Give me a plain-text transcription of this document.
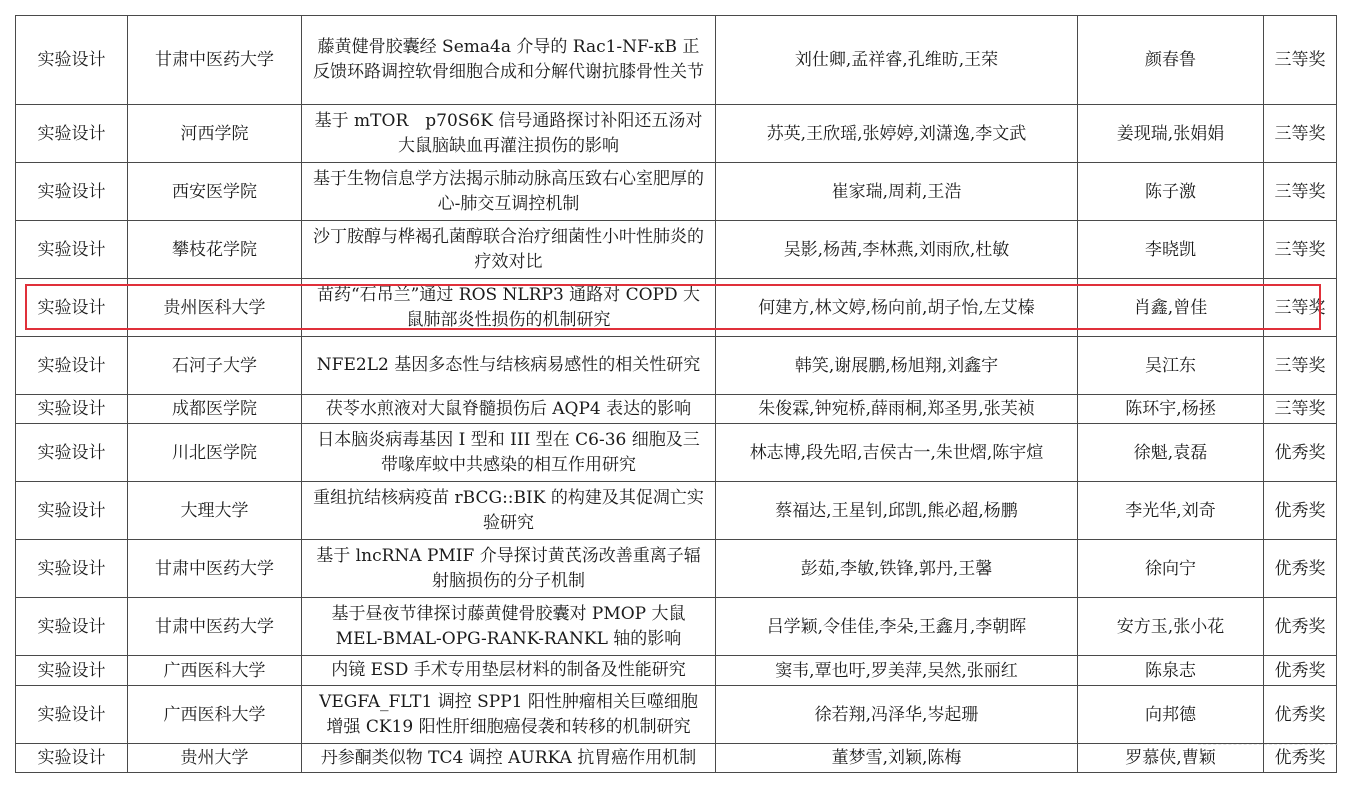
实验设计	甘肃中医药大学	藤黄健骨胶囊经 Sema4a 介导的 Rac1-NF-κB 正反馈环路调控软骨细胞合成和分解代谢抗膝骨性关节	刘仕卿,孟祥睿,孔维昉,王荣	颜春鲁	三等奖
实验设计	河西学院	基于 mTOR　p70S6K 信号通路探讨补阳还五汤对大鼠脑缺血再灌注损伤的影响	苏英,王欣瑶,张婷婷,刘潇逸,李文武	姜现瑞,张娟娟	三等奖
实验设计	西安医学院	基于生物信息学方法揭示肺动脉高压致右心室肥厚的心-肺交互调控机制	崔家瑞,周莉,王浩	陈子激	三等奖
实验设计	攀枝花学院	沙丁胺醇与桦褐孔菌醇联合治疗细菌性小叶性肺炎的疗效对比	吴影,杨茜,李林燕,刘雨欣,杜敏	李晓凯	三等奖
实验设计	贵州医科大学	苗药“石吊兰”通过 ROS NLRP3 通路对 COPD 大鼠肺部炎性损伤的机制研究	何建方,林文婷,杨向前,胡子怡,左艾榛	肖鑫,曾佳	三等奖
实验设计	石河子大学	NFE2L2 基因多态性与结核病易感性的相关性研究	韩笑,谢展鹏,杨旭翔,刘鑫宇	吴江东	三等奖
实验设计	成都医学院	茯苓水煎液对大鼠脊髓损伤后 AQP4 表达的影响	朱俊霖,钟宛桥,薛雨桐,郑圣男,张芙祯	陈环宇,杨拯	三等奖
实验设计	川北医学院	日本脑炎病毒基因 I 型和 III 型在 C6-36 细胞及三带喙库蚊中共感染的相互作用研究	林志博,段先昭,吉侯古一,朱世熠,陈宇煊	徐魁,袁磊	优秀奖
实验设计	大理大学	重组抗结核病疫苗 rBCG::BIK 的构建及其促凋亡实验研究	蔡福达,王星钊,邱凯,熊必超,杨鹏	李光华,刘奇	优秀奖
实验设计	甘肃中医药大学	基于 lncRNA PMIF 介导探讨黄芪汤改善重离子辐射脑损伤的分子机制	彭茹,李敏,铁锋,郭丹,王馨	徐向宁	优秀奖
实验设计	甘肃中医药大学	基于昼夜节律探讨藤黄健骨胶囊对 PMOP 大鼠 MEL-BMAL-OPG-RANK-RANKL 轴的影响	吕学颖,令佳佳,李朵,王鑫月,李朝晖	安方玉,张小花	优秀奖
实验设计	广西医科大学	内镜 ESD 手术专用垫层材料的制备及性能研究	窦韦,覃也吁,罗美萍,吴然,张丽红	陈泉志	优秀奖
实验设计	广西医科大学	VEGFA_FLT1 调控 SPP1 阳性肿瘤相关巨噬细胞增强 CK19 阳性肝细胞癌侵袭和转移的机制研究	徐若翔,冯泽华,岑起珊	向邦德	优秀奖
实验设计	贵州大学	丹参酮类似物 TC4 调控 AURKA 抗胃癌作用机制	董梦雪,刘颖,陈梅	罗慕侠,曹颖	优秀奖
